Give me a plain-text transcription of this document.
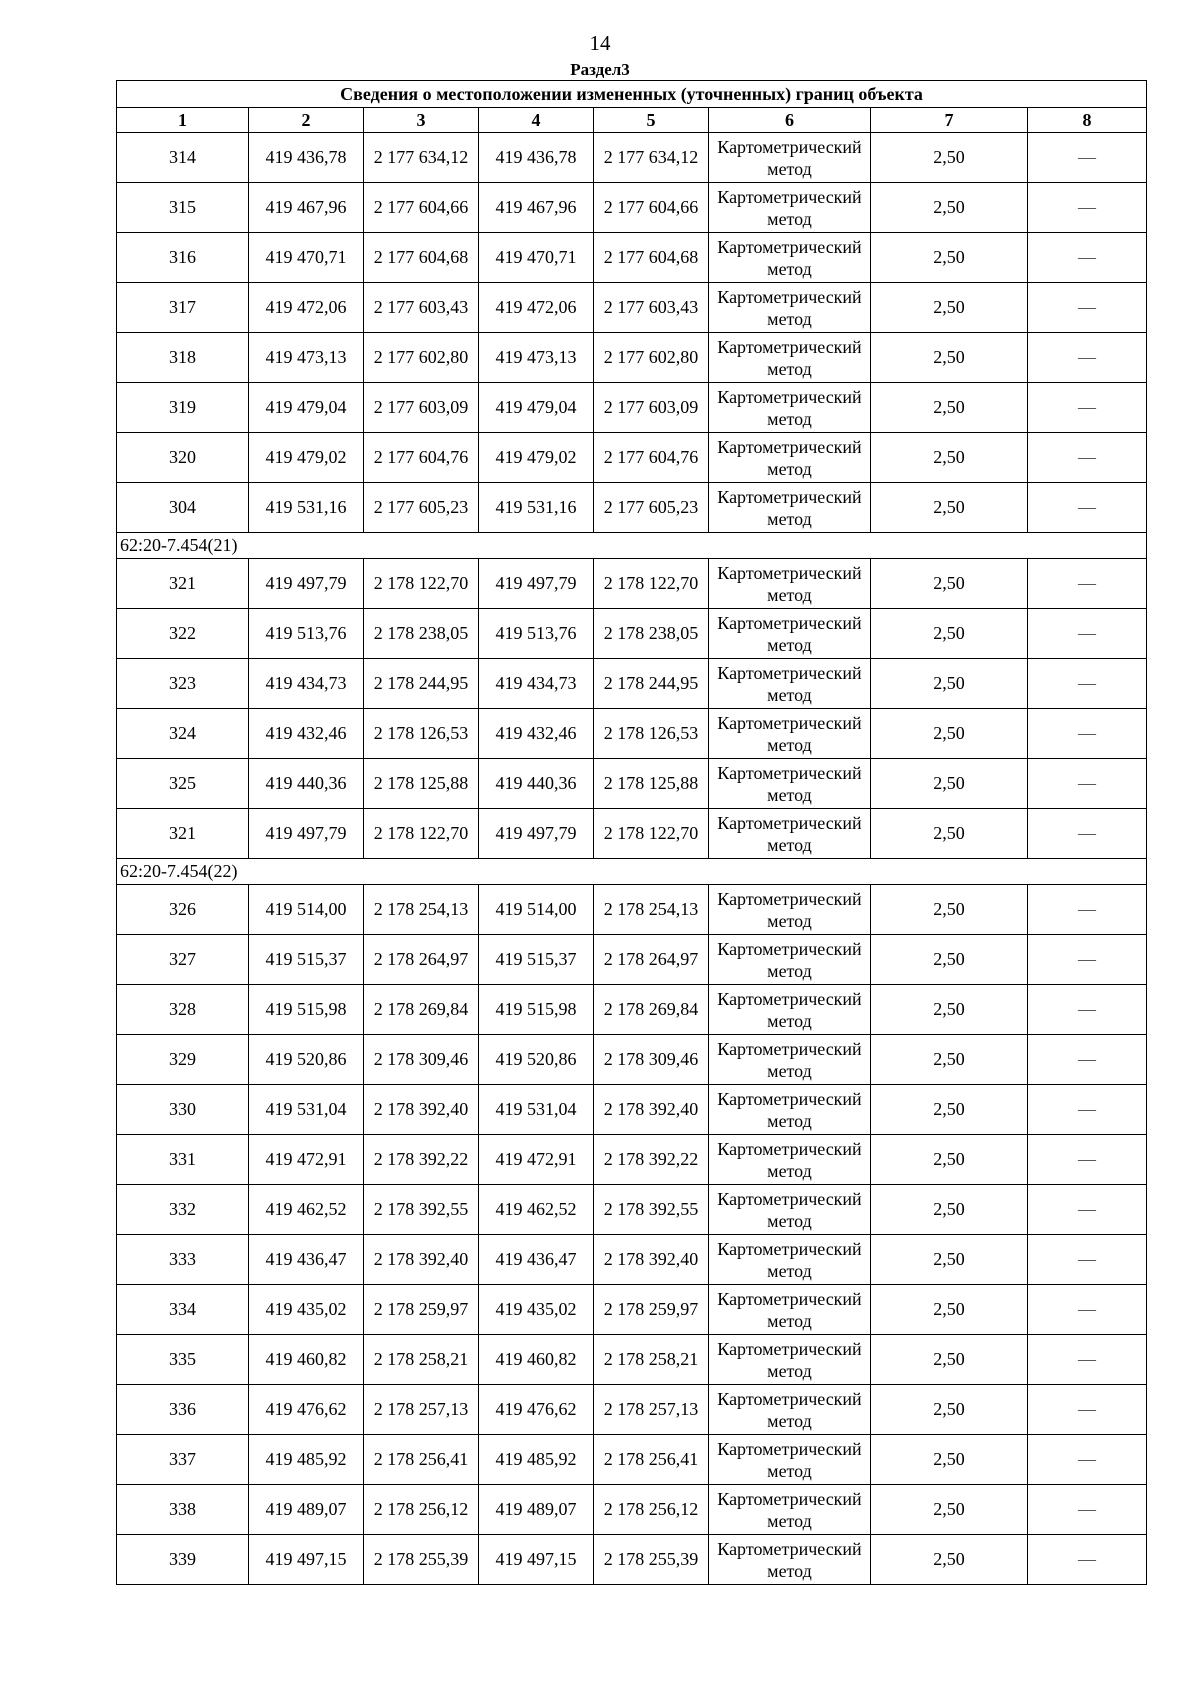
14
Раздел3
Сведения о местоположении измененных (уточненных) границ объекта							
1	2	3	4	5	6	7	8
314	419 436,78	2 177 634,12	419 436,78	2 177 634,12	Картометрический метод	2,50	—
315	419 467,96	2 177 604,66	419 467,96	2 177 604,66	Картометрический метод	2,50	—
316	419 470,71	2 177 604,68	419 470,71	2 177 604,68	Картометрический метод	2,50	—
317	419 472,06	2 177 603,43	419 472,06	2 177 603,43	Картометрический метод	2,50	—
318	419 473,13	2 177 602,80	419 473,13	2 177 602,80	Картометрический метод	2,50	—
319	419 479,04	2 177 603,09	419 479,04	2 177 603,09	Картометрический метод	2,50	—
320	419 479,02	2 177 604,76	419 479,02	2 177 604,76	Картометрический метод	2,50	—
304	419 531,16	2 177 605,23	419 531,16	2 177 605,23	Картометрический метод	2,50	—
62:20-7.454(21)							
321	419 497,79	2 178 122,70	419 497,79	2 178 122,70	Картометрический метод	2,50	—
322	419 513,76	2 178 238,05	419 513,76	2 178 238,05	Картометрический метод	2,50	—
323	419 434,73	2 178 244,95	419 434,73	2 178 244,95	Картометрический метод	2,50	—
324	419 432,46	2 178 126,53	419 432,46	2 178 126,53	Картометрический метод	2,50	—
325	419 440,36	2 178 125,88	419 440,36	2 178 125,88	Картометрический метод	2,50	—
321	419 497,79	2 178 122,70	419 497,79	2 178 122,70	Картометрический метод	2,50	—
62:20-7.454(22)							
326	419 514,00	2 178 254,13	419 514,00	2 178 254,13	Картометрический метод	2,50	—
327	419 515,37	2 178 264,97	419 515,37	2 178 264,97	Картометрический метод	2,50	—
328	419 515,98	2 178 269,84	419 515,98	2 178 269,84	Картометрический метод	2,50	—
329	419 520,86	2 178 309,46	419 520,86	2 178 309,46	Картометрический метод	2,50	—
330	419 531,04	2 178 392,40	419 531,04	2 178 392,40	Картометрический метод	2,50	—
331	419 472,91	2 178 392,22	419 472,91	2 178 392,22	Картометрический метод	2,50	—
332	419 462,52	2 178 392,55	419 462,52	2 178 392,55	Картометрический метод	2,50	—
333	419 436,47	2 178 392,40	419 436,47	2 178 392,40	Картометрический метод	2,50	—
334	419 435,02	2 178 259,97	419 435,02	2 178 259,97	Картометрический метод	2,50	—
335	419 460,82	2 178 258,21	419 460,82	2 178 258,21	Картометрический метод	2,50	—
336	419 476,62	2 178 257,13	419 476,62	2 178 257,13	Картометрический метод	2,50	—
337	419 485,92	2 178 256,41	419 485,92	2 178 256,41	Картометрический метод	2,50	—
338	419 489,07	2 178 256,12	419 489,07	2 178 256,12	Картометрический метод	2,50	—
339	419 497,15	2 178 255,39	419 497,15	2 178 255,39	Картометрический метод	2,50	—
